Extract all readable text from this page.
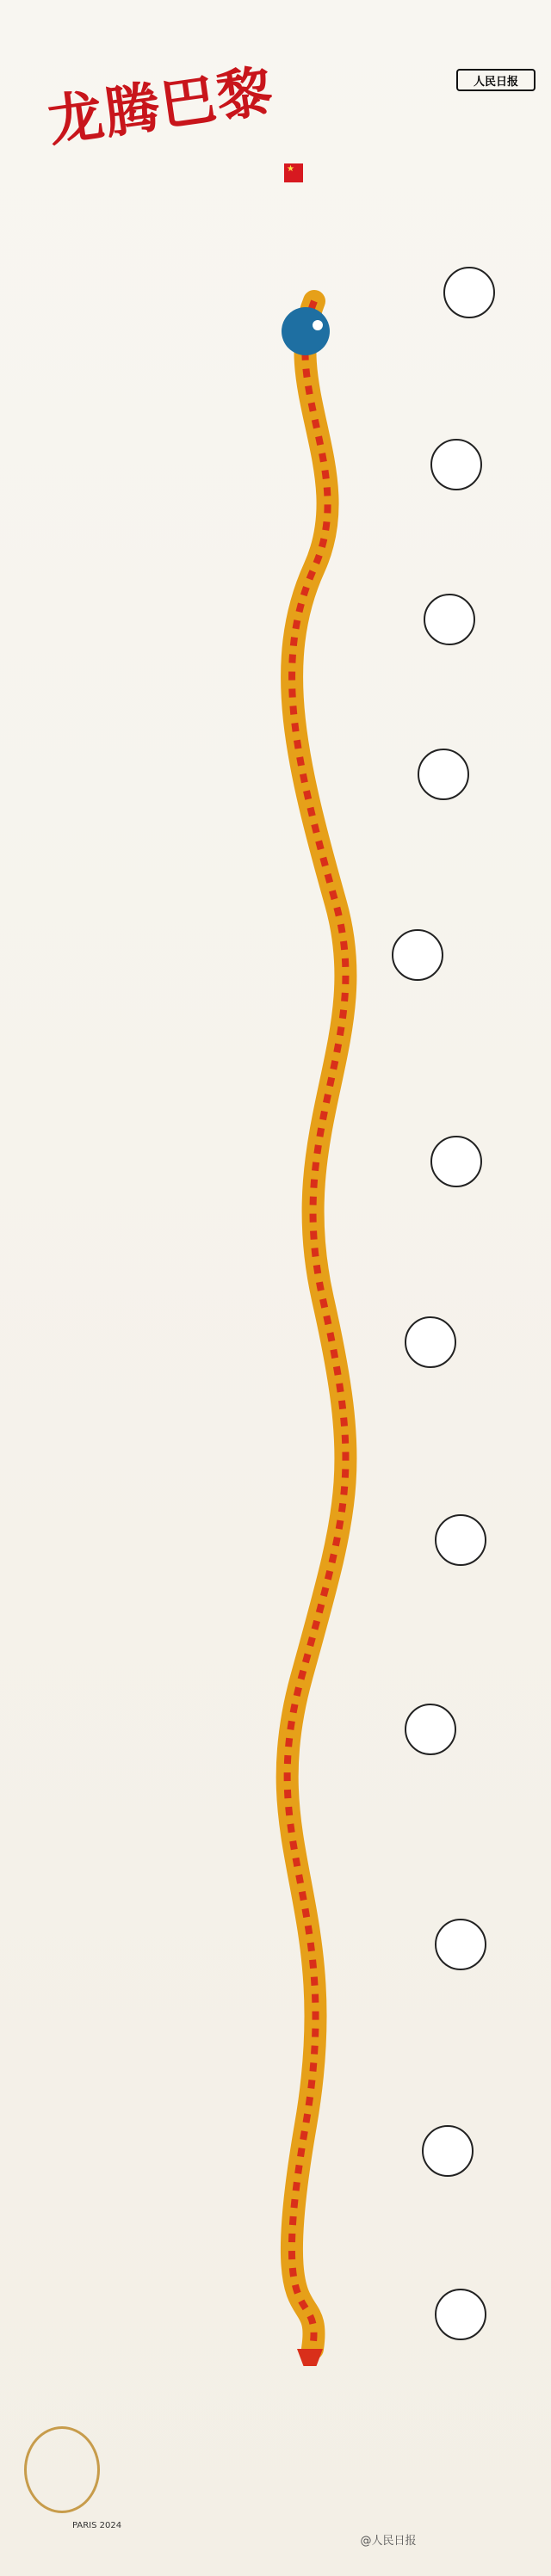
龙腾巴黎	人民日报
★
PARIS 2024
@人民日报
